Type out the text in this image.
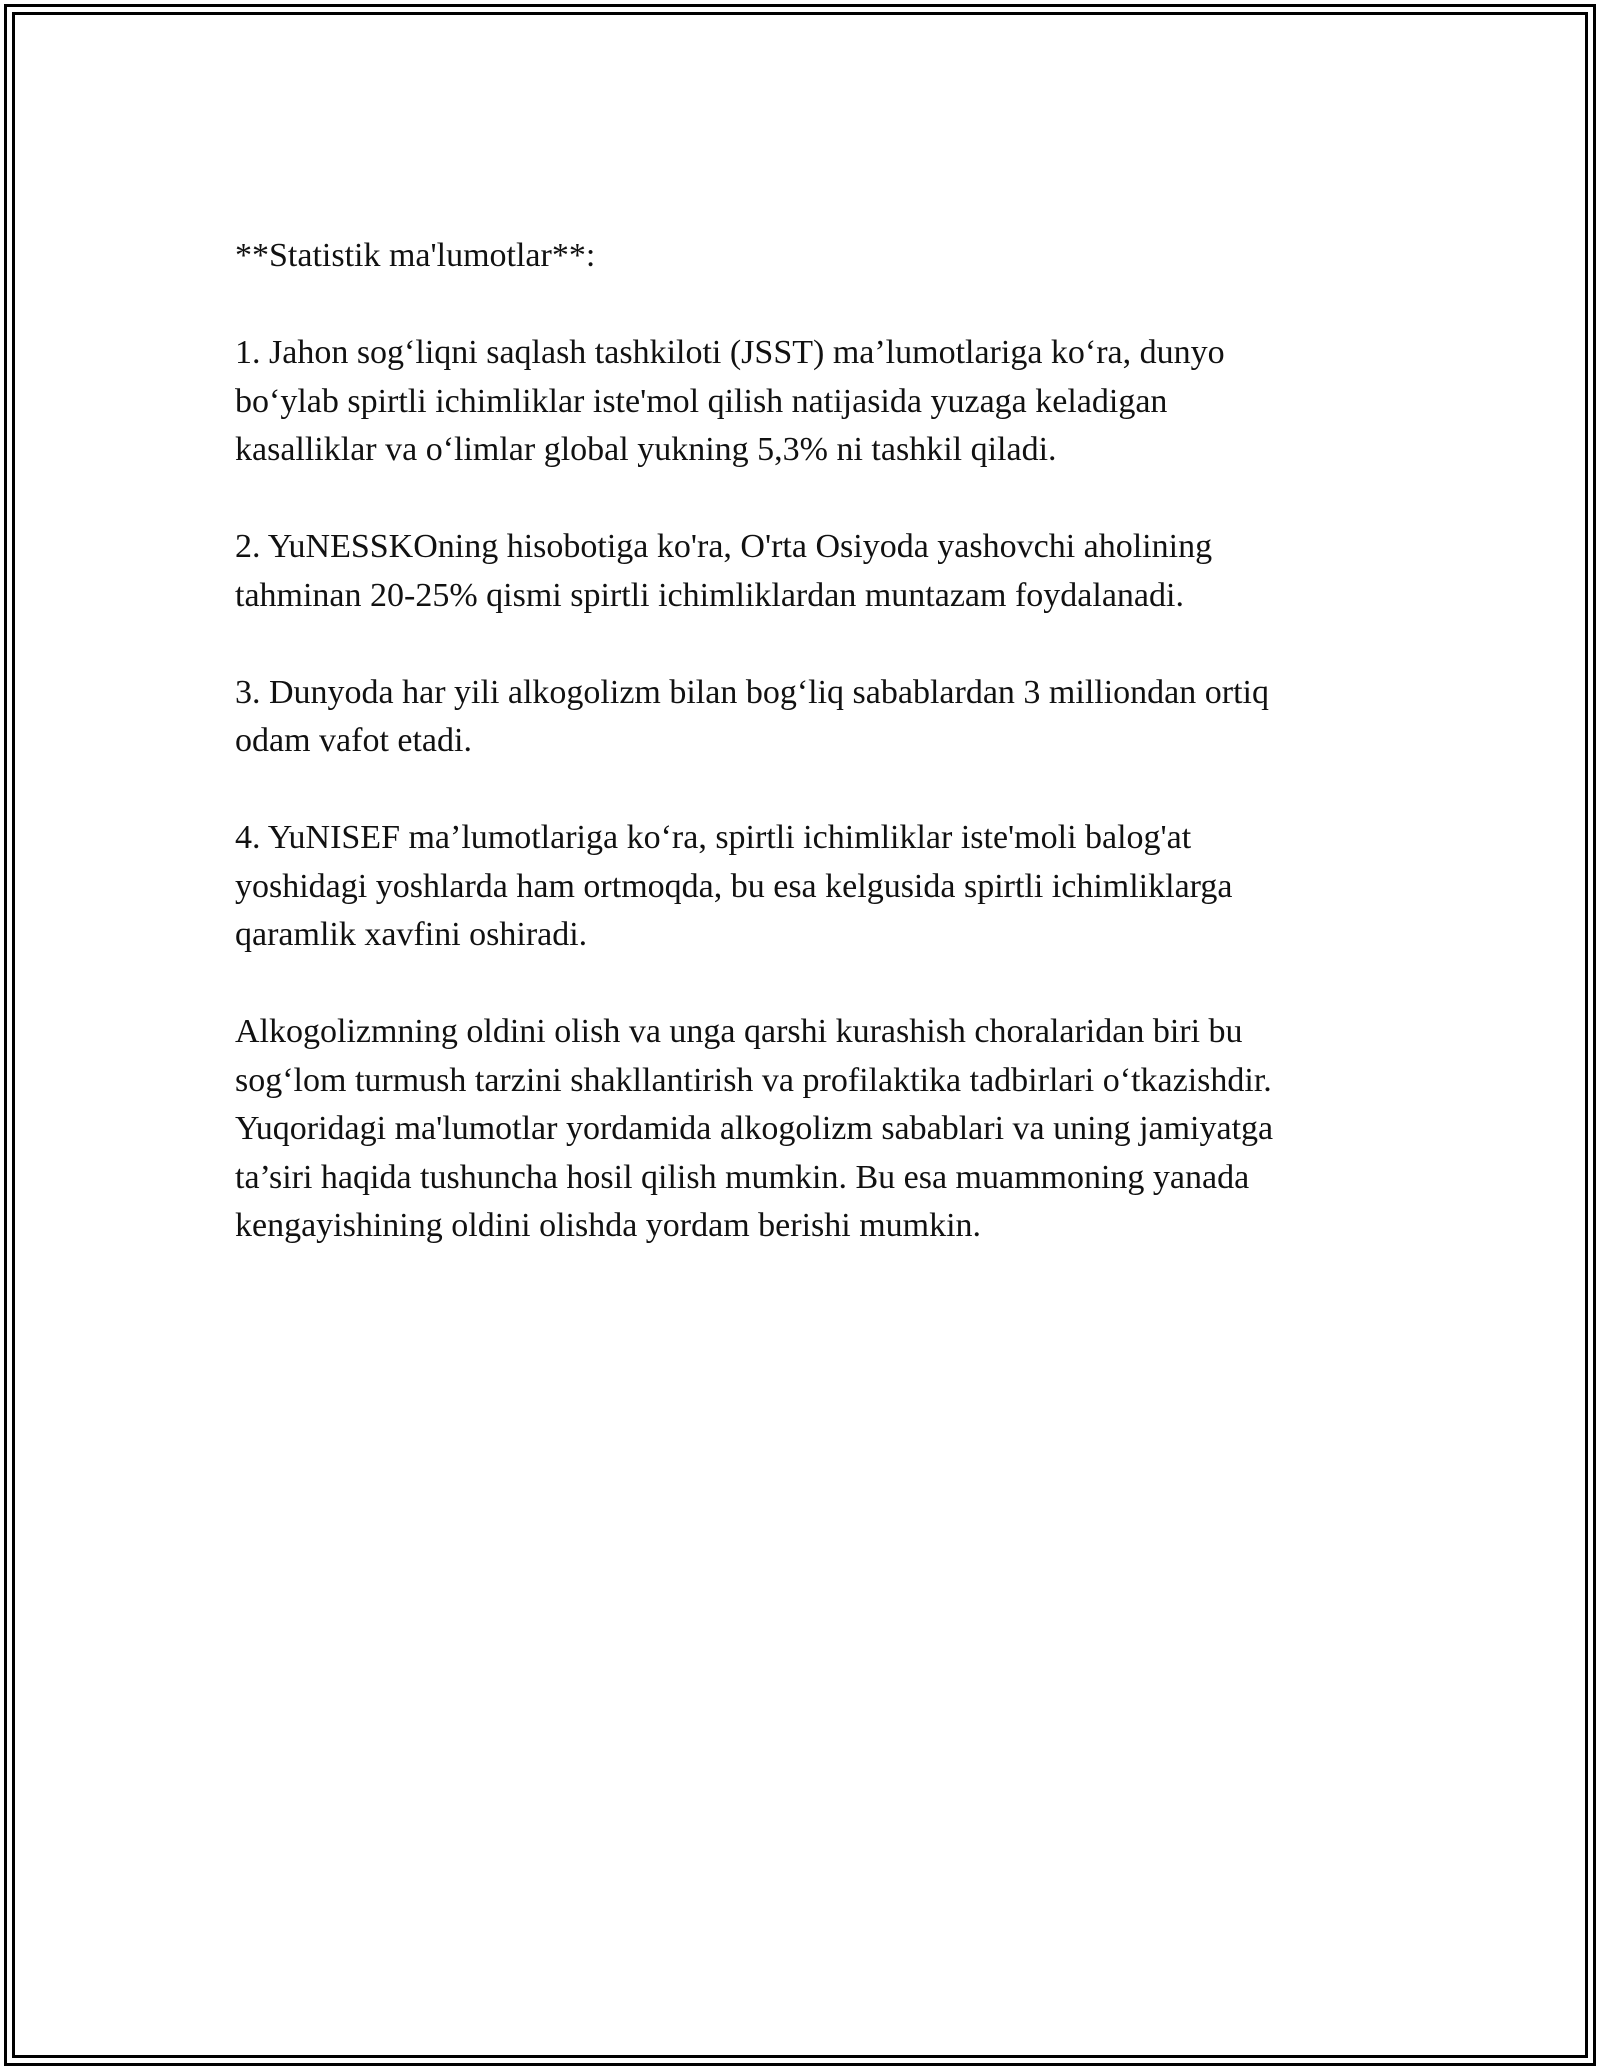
**Statistik ma'lumotlar**:

1. Jahon sog‘liqni saqlash tashkiloti (JSST) ma’lumotlariga ko‘ra, dunyo
bo‘ylab spirtli ichimliklar iste'mol qilish natijasida yuzaga keladigan
kasalliklar va o‘limlar global yukning 5,3% ni tashkil qiladi.

2. YuNESSKOning hisobotiga ko'ra, O'rta Osiyoda yashovchi aholining
tahminan 20-25% qismi spirtli ichimliklardan muntazam foydalanadi.

3. Dunyoda har yili alkogolizm bilan bog‘liq sabablardan 3 milliondan ortiq
odam vafot etadi.

4. YuNISEF ma’lumotlariga ko‘ra, spirtli ichimliklar iste'moli balog'at
yoshidagi yoshlarda ham ortmoqda, bu esa kelgusida spirtli ichimliklarga
qaramlik xavfini oshiradi.

Alkogolizmning oldini olish va unga qarshi kurashish choralaridan biri bu
sog‘lom turmush tarzini shakllantirish va profilaktika tadbirlari o‘tkazishdir.
Yuqoridagi ma'lumotlar yordamida alkogolizm sabablari va uning jamiyatga
ta’siri haqida tushuncha hosil qilish mumkin. Bu esa muammoning yanada
kengayishining oldini olishda yordam berishi mumkin.
